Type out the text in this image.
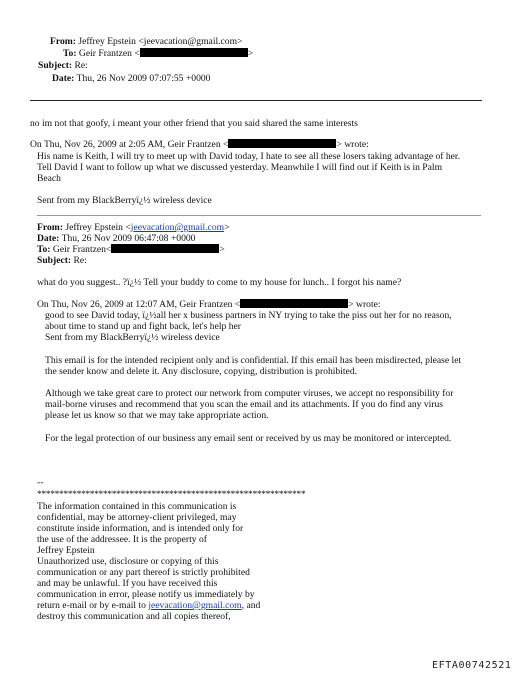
From: Jeffrey Epstein <jeevacation@gmail.com>
To: Geir Frantzen <	>
Subject: Re:
Date: Thu, 26 Nov 2009 07:07:55 +0000
no im not that goofy, i meant your other friend that you said shared the same interests
On Thu, Nov 26, 2009 at 2:05 AM, Geir Frantzen <	> wrote:
His name is Keith, I will try to meet up with David today, I hate to see all these losers taking advantage of her.
Tell David I want to follow up what we discussed yesterday. Meanwhile I will find out if Keith is in Palm
Beach
Sent from my BlackBerryï¿½ wireless device
From: Jeffrey Epstein <jeevacation@gmail.com>
Date: Thu, 26 Nov 2009 06:47:08 +0000
To: Geir Frantzen<	>
Subject: Re:
what do you suggest.. ?ï¿½ Tell your buddy to come to my house for lunch.. I forgot his name?
On Thu, Nov 26, 2009 at 12:07 AM, Geir Frantzen <	> wrote:
good to see David today, ï¿½all her x business partners in NY trying to take the piss out her for no reason,
about time to stand up and fight back, let's help her
Sent from my BlackBerryï¿½ wireless device
This email is for the intended recipient only and is confidential. If this email has been misdirected, please let
the sender know and delete it. Any disclosure, copying, distribution is prohibited.
Although we take great care to protect our network from computer viruses, we accept no responsibility for
mail-borne viruses and recommend that you scan the email and its attachments. If you do find any virus
please let us know so that we may take appropriate action.
For the legal protection of our business any email sent or received by us may be monitored or intercepted.
--
*************************************************************
The information contained in this communication is
confidential, may be attorney-client privileged, may
constitute inside information, and is intended only for
the use of the addressee. It is the property of
Jeffrey Epstein
Unauthorized use, disclosure or copying of this
communication or any part thereof is strictly prohibited
and may be unlawful. If you have received this
communication in error, please notify us immediately by
return e-mail or by e-mail to jeevacation@gmail.com, and
destroy this communication and all copies thereof,
EFTA00742521
